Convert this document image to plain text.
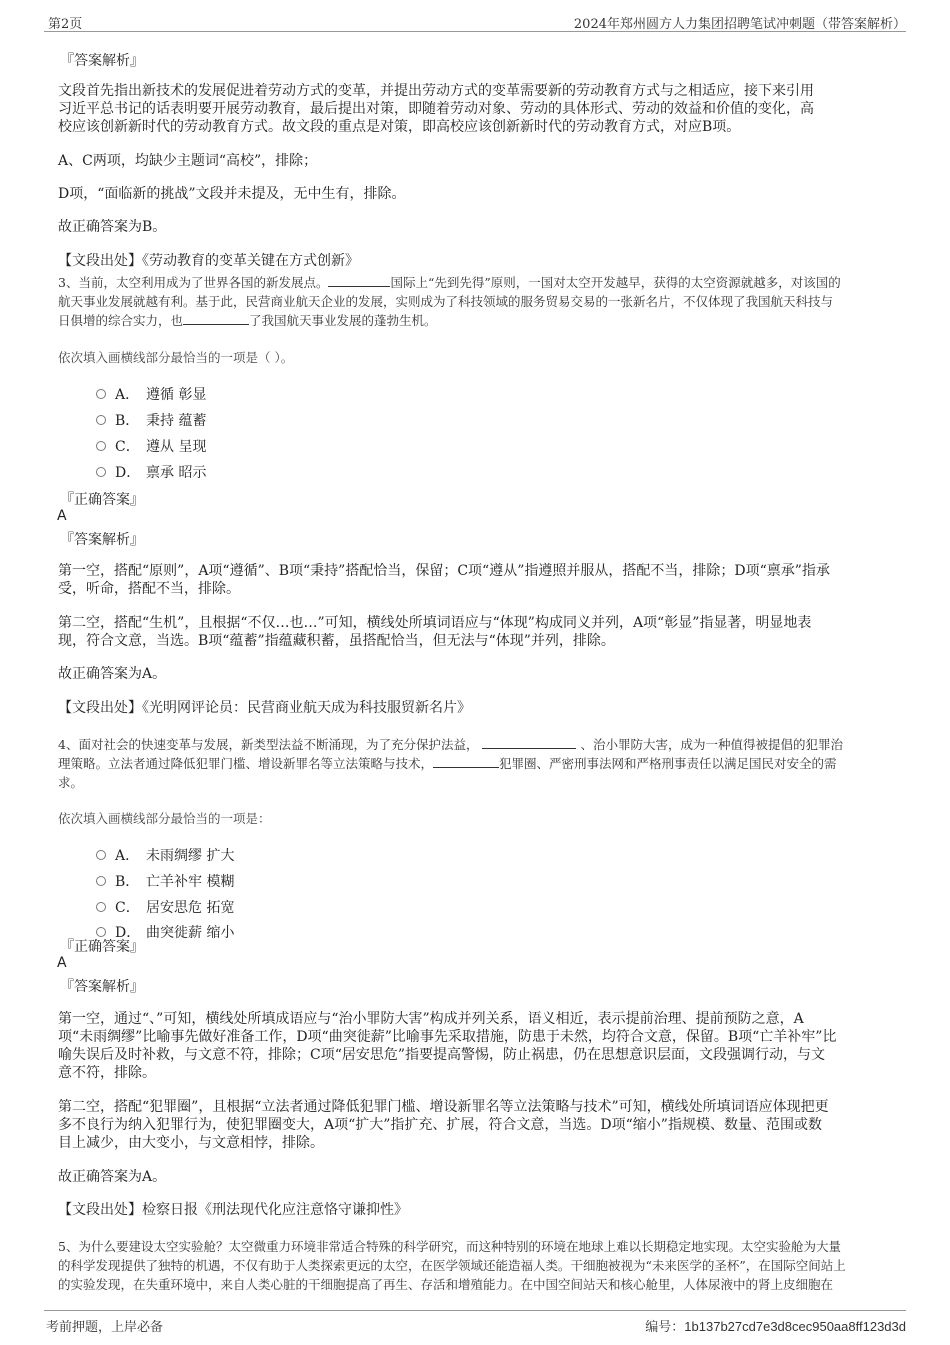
第2页	2024年郑州圆方人力集团招聘笔试冲刺题（带答案解析）
『答案解析』
文段首先指出新技术的发展促进着劳动方式的变革，并提出劳动方式的变革需要新的劳动教育方式与之相适应，接下来引用
习近平总书记的话表明要开展劳动教育，最后提出对策，即随着劳动对象、劳动的具体形式、劳动的效益和价值的变化，高
校应该创新新时代的劳动教育方式。故文段的重点是对策，即高校应该创新新时代的劳动教育方式，对应B项。
A、C两项，均缺少主题词“高校”，排除；
D项，“面临新的挑战”文段并未提及，无中生有，排除。
故正确答案为B。
【文段出处】《劳动教育的变革关键在方式创新》
3、当前，太空利用成为了世界各国的新发展点。	国际上“先到先得”原则，一国对太空开发越早，获得的太空资源就越多，对该国的
航天事业发展就越有利。基于此，民营商业航天企业的发展，实则成为了科技领域的服务贸易交易的一张新名片，不仅体现了我国航天科技与
日俱增的综合实力，也	了我国航天事业发展的蓬勃生机。
依次填入画横线部分最恰当的一项是（ ）。
A． 遵循 彰显
B． 秉持 蕴蓄
C． 遵从 呈现
D． 禀承 昭示
『正确答案』
A
『答案解析』
第一空，搭配“原则”，A项“遵循”、B项“秉持”搭配恰当，保留；C项“遵从”指遵照并服从，搭配不当，排除；D项“禀承”指承
受，听命，搭配不当，排除。
第二空，搭配“生机”，且根据“不仅…也…”可知，横线处所填词语应与“体现”构成同义并列，A项“彰显”指显著，明显地表
现，符合文意，当选。B项“蕴蓄”指蕴藏积蓄，虽搭配恰当，但无法与“体现”并列，排除。
故正确答案为A。
【文段出处】《光明网评论员：民营商业航天成为科技服贸新名片》
4、面对社会的快速变革与发展，新类型法益不断涌现，为了充分保护法益，	、治小罪防大害，成为一种值得被提倡的犯罪治
理策略。立法者通过降低犯罪门槛、增设新罪名等立法策略与技术，	犯罪圈、严密刑事法网和严格刑事责任以满足国民对安全的需
求。
依次填入画横线部分最恰当的一项是：
A． 未雨绸缪 扩大
B． 亡羊补牢 模糊
C． 居安思危 拓宽
D． 曲突徙薪 缩小
『正确答案』
A
『答案解析』
第一空，通过“、”可知，横线处所填成语应与“治小罪防大害”构成并列关系，语义相近，表示提前治理、提前预防之意，A
项“未雨绸缪”比喻事先做好准备工作，D项“曲突徙薪”比喻事先采取措施，防患于未然，均符合文意，保留。B项“亡羊补牢”比
喻失误后及时补救，与文意不符，排除；C项“居安思危”指要提高警惕，防止祸患，仍在思想意识层面，文段强调行动，与文
意不符，排除。
第二空，搭配“犯罪圈”，且根据“立法者通过降低犯罪门槛、增设新罪名等立法策略与技术”可知，横线处所填词语应体现把更
多不良行为纳入犯罪行为，使犯罪圈变大，A项“扩大”指扩充、扩展，符合文意，当选。D项“缩小”指规模、数量、范围或数
目上减少，由大变小，与文意相悖，排除。
故正确答案为A。
【文段出处】检察日报《刑法现代化应注意恪守谦抑性》
5、为什么要建设太空实验舱？太空微重力环境非常适合特殊的科学研究，而这种特别的环境在地球上难以长期稳定地实现。太空实验舱为大量
的科学发现提供了独特的机遇，不仅有助于人类探索更远的太空，在医学领域还能造福人类。干细胞被视为“未来医学的圣杯”，在国际空间站上
的实验发现，在失重环境中，来自人类心脏的干细胞提高了再生、存活和增殖能力。在中国空间站天和核心舱里，人体尿液中的肾上皮细胞在
考前押题，上岸必备	编号：1b137b27cd7e3d8cec950aa8ff123d3d
